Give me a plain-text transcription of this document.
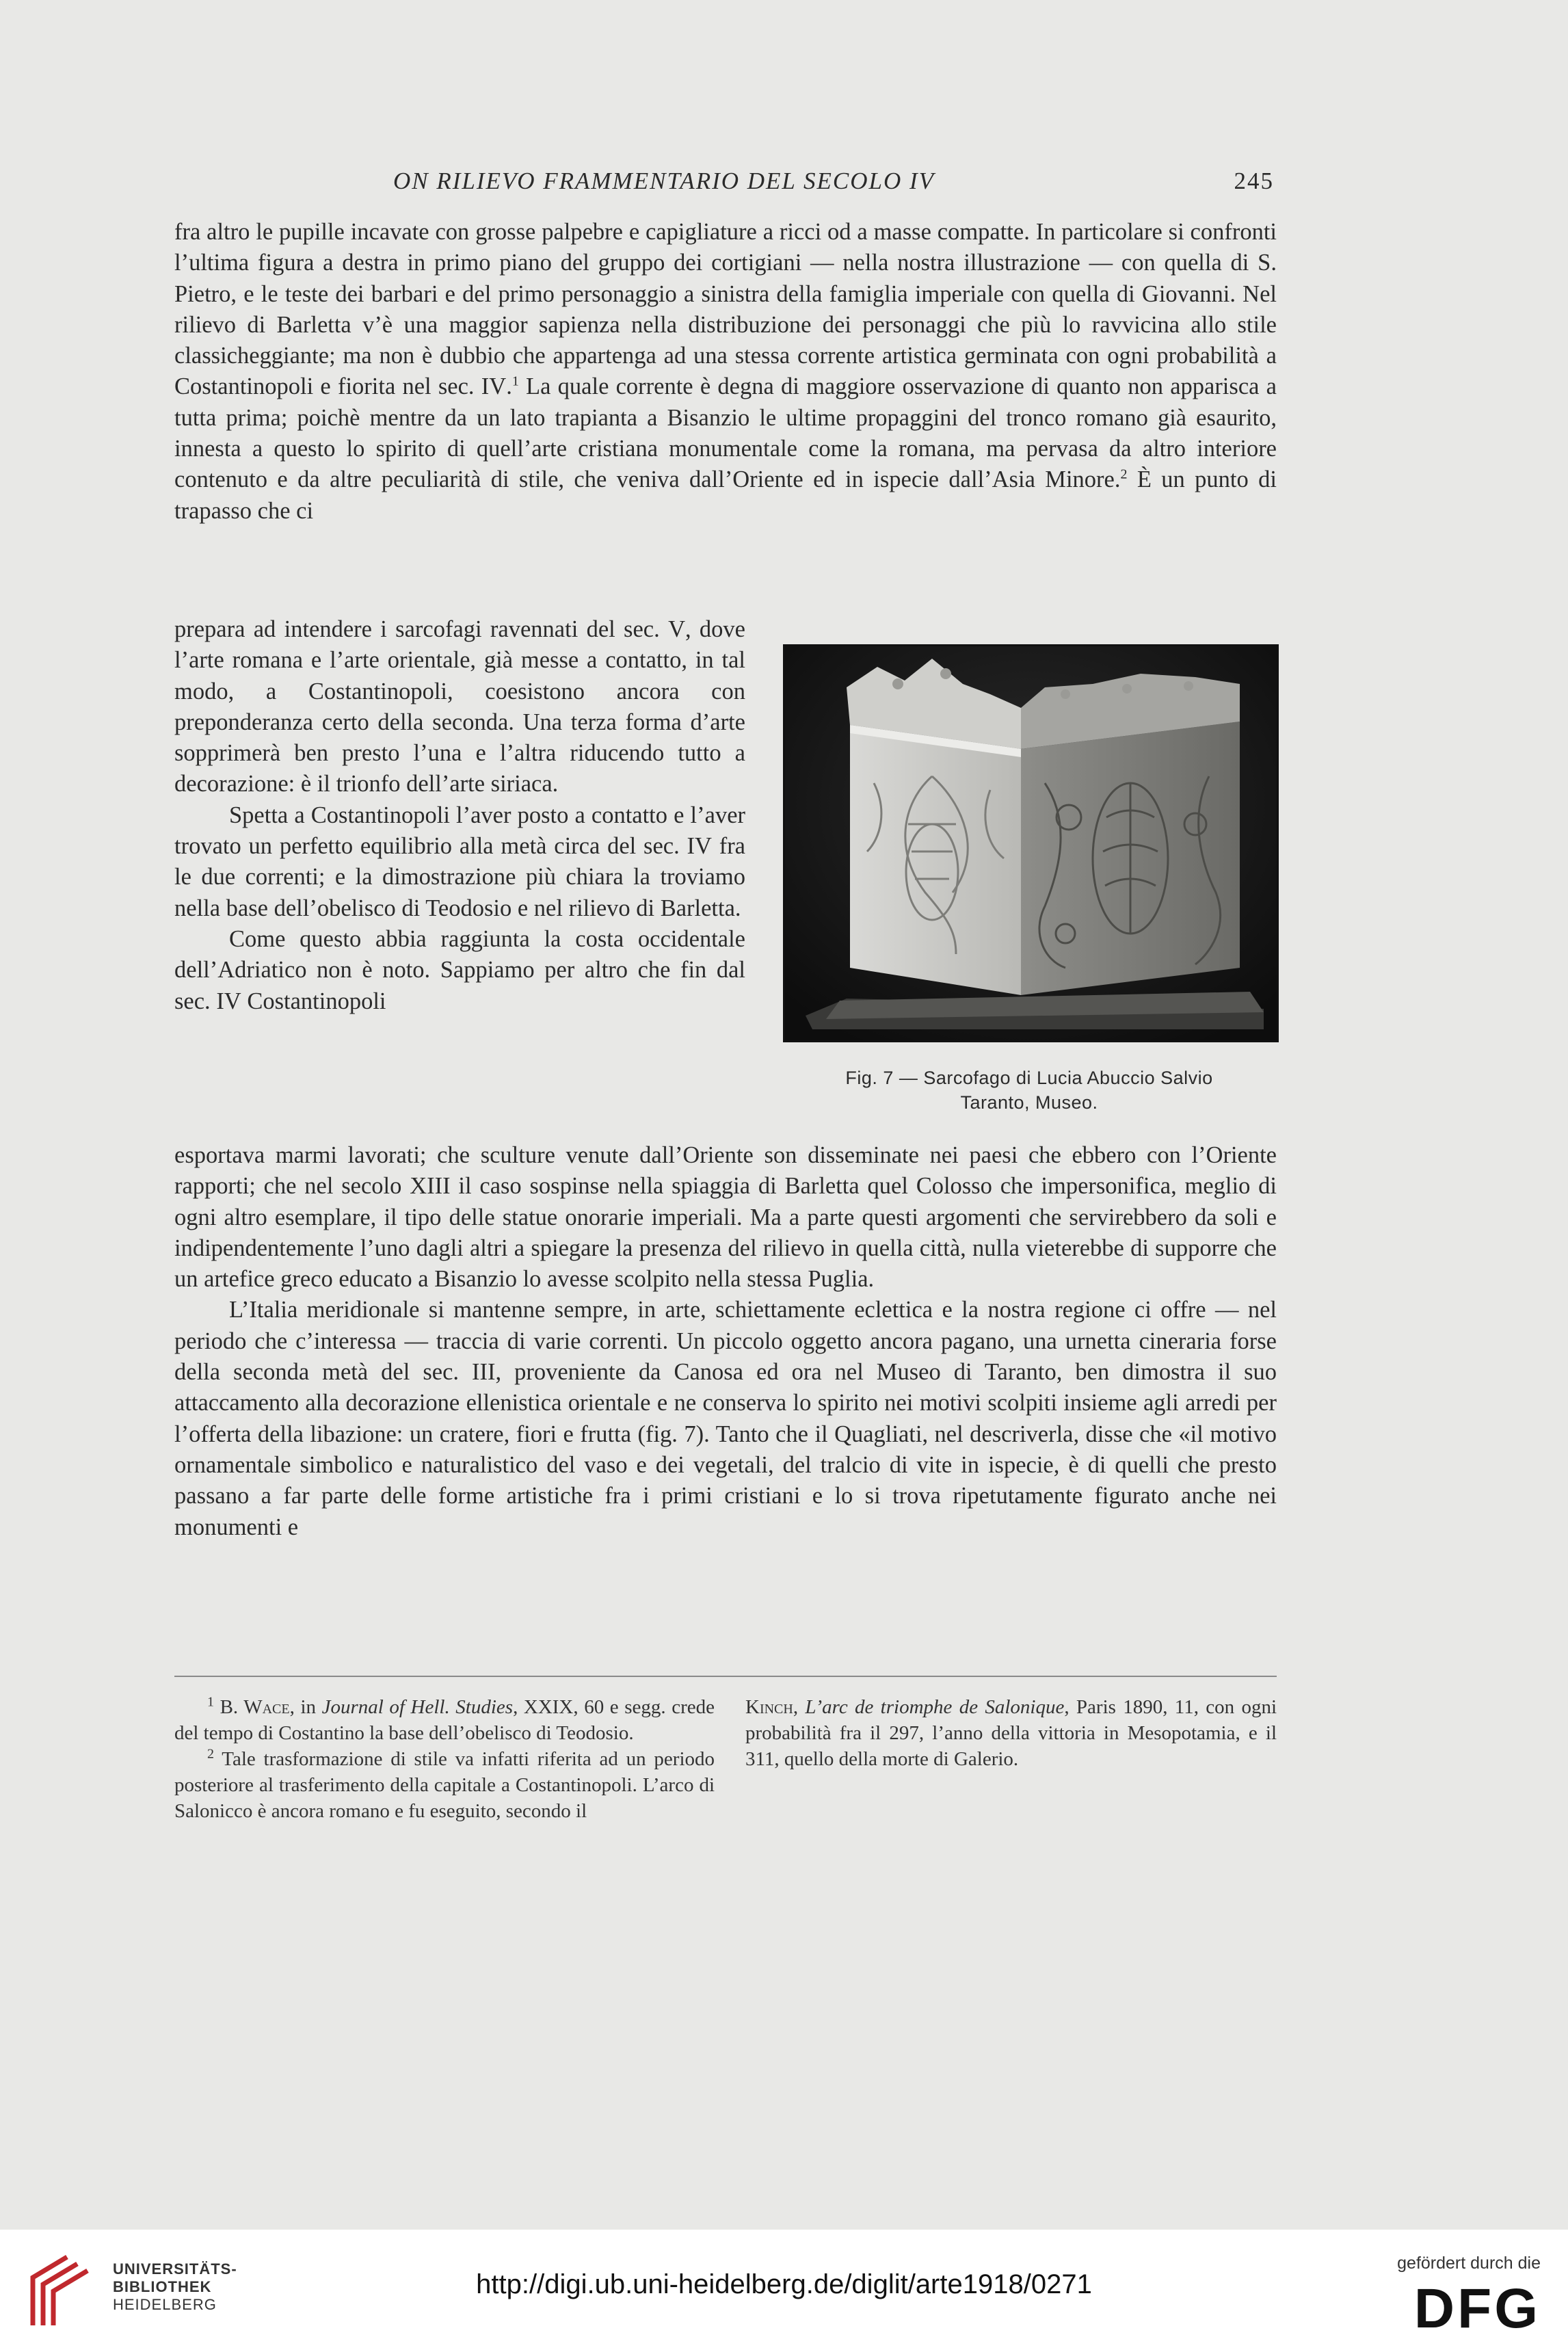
ON RILIEVO FRAMMENTARIO DEL SECOLO IV	245

fra altro le pupille incavate con grosse palpebre e capigliature a ricci od a masse compatte. In particolare si confronti l’ultima figura a destra in primo piano del gruppo dei cortigiani — nella nostra illustrazione — con quella di S. Pietro, e le teste dei barbari e del primo personaggio a sinistra della famiglia imperiale con quella di Giovanni. Nel rilievo di Barletta v’è una maggior sapienza nella distribuzione dei personaggi che più lo ravvicina allo stile classicheggiante; ma non è dubbio che appartenga ad una stessa corrente artistica germinata con ogni probabilità a Costantinopoli e fiorita nel sec. IV.$^1$ La quale corrente è degna di maggiore osservazione di quanto non apparisca a tutta prima; poichè mentre da un lato trapianta a Bisanzio le ultime propaggini del tronco romano già esaurito, innesta a questo lo spirito di quell’arte cristiana monumentale come la romana, ma pervasa da altro interiore contenuto e da altre peculiarità di stile, che veniva dall’Oriente ed in ispecie dall’Asia Minore.$^2$ È un punto di trapasso che ci

prepara ad intendere i sarcofagi ravennati del sec. V, dove l’arte romana e l’arte orientale, già messe a contatto, in tal modo, a Costantinopoli, coesistono ancora con preponderanza certo della seconda. Una terza forma d’arte sopprimerà ben presto l’una e l’altra riducendo tutto a decorazione: è il trionfo dell’arte siriaca.

Spetta a Costantinopoli l’aver posto a contatto e l’aver trovato un perfetto equilibrio alla metà circa del sec. IV fra le due correnti; e la dimostrazione più chiara la troviamo nella base dell’obelisco di Teodosio e nel rilievo di Barletta.

Come questo abbia raggiunta la costa occidentale dell’Adriatico non è noto. Sappiamo per altro che fin dal sec. IV Costantinopoli

Fig. 7 — Sarcofago di Lucia Abuccio Salvio
Taranto, Museo.

esportava marmi lavorati; che sculture venute dall’Oriente son disseminate nei paesi che ebbero con l’Oriente rapporti; che nel secolo XIII il caso sospinse nella spiaggia di Barletta quel Colosso che impersonifica, meglio di ogni altro esemplare, il tipo delle statue onorarie imperiali. Ma a parte questi argomenti che servirebbero da soli e indipendentemente l’uno dagli altri a spiegare la presenza del rilievo in quella città, nulla vieterebbe di supporre che un artefice greco educato a Bisanzio lo avesse scolpito nella stessa Puglia.

L’Italia meridionale si mantenne sempre, in arte, schiettamente eclettica e la nostra regione ci offre — nel periodo che c’interessa — traccia di varie correnti. Un piccolo oggetto ancora pagano, una urnetta cineraria forse della seconda metà del sec. III, proveniente da Canosa ed ora nel Museo di Taranto, ben dimostra il suo attaccamento alla decorazione ellenistica orientale e ne conserva lo spirito nei motivi scolpiti insieme agli arredi per l’offerta della libazione: un cratere, fiori e frutta (fig. 7). Tanto che il Quagliati, nel descriverla, disse che «il motivo ornamentale simbolico e naturalistico del vaso e dei vegetali, del tralcio di vite in ispecie, è di quelli che presto passano a far parte delle forme artistiche fra i primi cristiani e lo si trova ripetutamente figurato anche nei monumenti e

$^1$ B. Wace, in Journal of Hell. Studies, XXIX, 60 e segg. crede del tempo di Costantino la base dell’obelisco di Teodosio.

$^2$ Tale trasformazione di stile va infatti riferita ad un periodo posteriore al trasferimento della capitale a Costantinopoli. L’arco di Salonicco è ancora romano e fu eseguito, secondo il

Kinch, L’arc de triomphe de Salonique, Paris 1890, 11, con ogni probabilità fra il 297, l’anno della vittoria in Mesopotamia, e il 311, quello della morte di Galerio.

UNIVERSITÄTS-
BIBLIOTHEK
HEIDELBERG
http://digi.ub.uni-heidelberg.de/diglit/arte1918/0271
gefördert durch die
DFG
